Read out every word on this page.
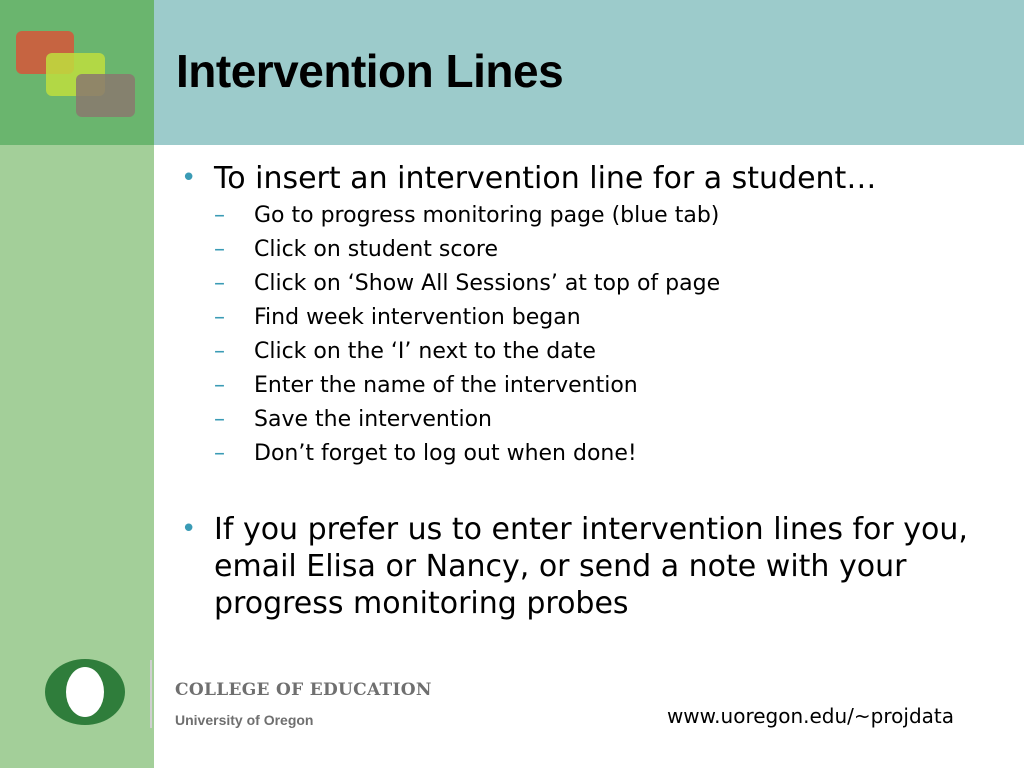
Intervention Lines
• To insert an intervention line for a student…
– Go to progress monitoring page (blue tab)
– Click on student score
– Click on ‘Show All Sessions’ at top of page
– Find week intervention began
– Click on the ‘I’ next to the date
– Enter the name of the intervention
– Save the intervention
– Don’t forget to log out when done!
• If you prefer us to enter intervention lines for you, email Elisa or Nancy, or send a note with your progress monitoring probes
COLLEGE OF EDUCATION
University of Oregon	www.uoregon.edu/~projdata
